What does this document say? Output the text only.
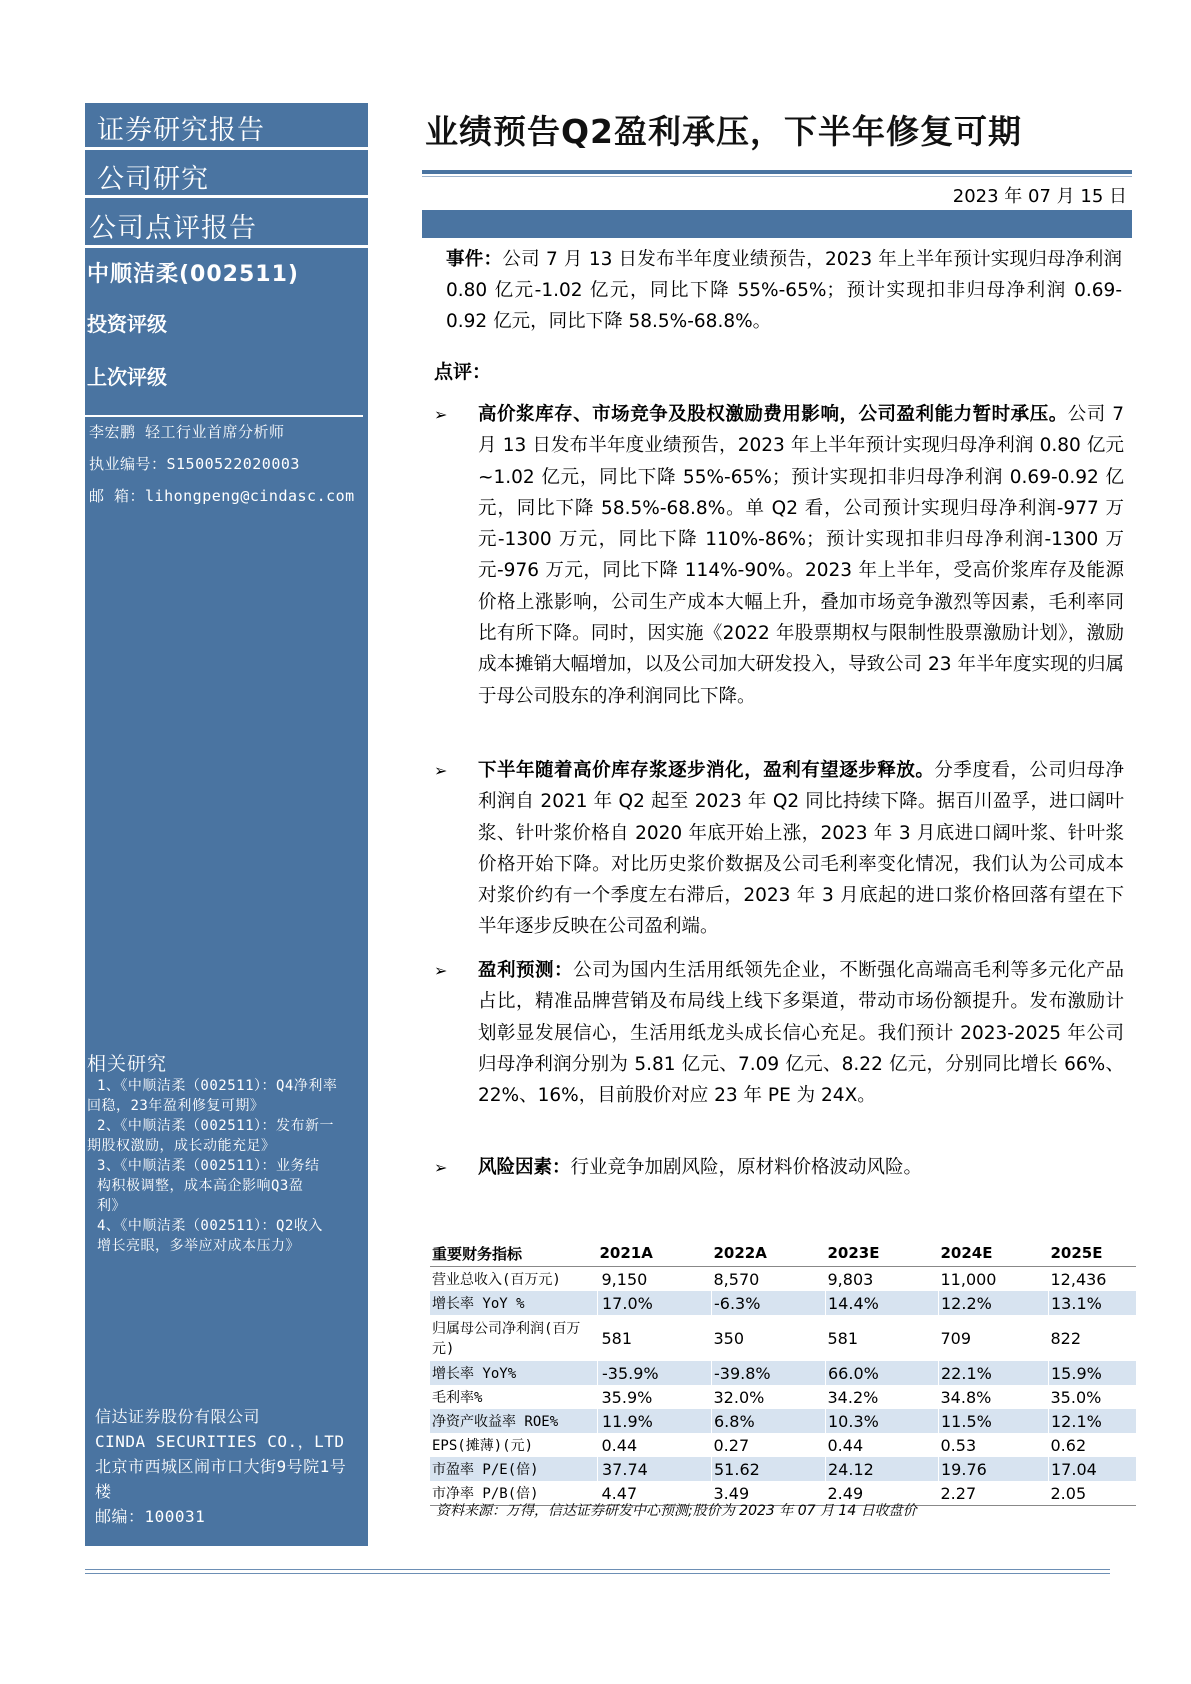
证券研究报告
公司研究
公司点评报告
中顺洁柔(002511)
投资评级
上次评级
李宏鹏 轻工行业首席分析师
执业编号：S1500522020003
邮 箱：lihongpeng@cindasc.com
相关研究
1、《中顺洁柔（002511）：Q4净利率
回稳，23年盈利修复可期》
2、《中顺洁柔（002511）：发布新一
期股权激励，成长动能充足》
3、《中顺洁柔（002511）：业务结
构积极调整，成本高企影响Q3盈
利》
4、《中顺洁柔（002511）：Q2收入
增长亮眼，多举应对成本压力》
信达证券股份有限公司
CINDA SECURITIES CO.，LTD
北京市西城区闹市口大街9号院1号
楼
邮编：100031
业绩预告Q2盈利承压，下半年修复可期
2023 年 07 月 15 日
事件：公司 7 月 13 日发布半年度业绩预告，2023 年上半年预计实现归母净利润 0.80 亿元-1.02 亿元，同比下降 55%-65%；预计实现扣非归母净利润 0.69-0.92 亿元，同比下降 58.5%-68.8%。
点评：
➢ 高价浆库存、市场竞争及股权激励费用影响，公司盈利能力暂时承压。公司 7 月 13 日发布半年度业绩预告，2023 年上半年预计实现归母净利润 0.80 亿元~1.02 亿元，同比下降 55%-65%；预计实现扣非归母净利润 0.69-0.92 亿元，同比下降 58.5%-68.8%。单 Q2 看，公司预计实现归母净利润-977 万元-1300 万元，同比下降 110%-86%；预计实现扣非归母净利润-1300 万元-976 万元，同比下降 114%-90%。2023 年上半年，受高价浆库存及能源价格上涨影响，公司生产成本大幅上升，叠加市场竞争激烈等因素，毛利率同比有所下降。同时，因实施《2022 年股票期权与限制性股票激励计划》，激励成本摊销大幅增加，以及公司加大研发投入，导致公司 23 年半年度实现的归属于母公司股东的净利润同比下降。
➢ 下半年随着高价库存浆逐步消化，盈利有望逐步释放。分季度看，公司归母净利润自 2021 年 Q2 起至 2023 年 Q2 同比持续下降。据百川盈孚，进口阔叶浆、针叶浆价格自 2020 年底开始上涨，2023 年 3 月底进口阔叶浆、针叶浆价格开始下降。对比历史浆价数据及公司毛利率变化情况，我们认为公司成本对浆价约有一个季度左右滞后，2023 年 3 月底起的进口浆价格回落有望在下半年逐步反映在公司盈利端。
➢ 盈利预测：公司为国内生活用纸领先企业，不断强化高端高毛利等多元化产品占比，精准品牌营销及布局线上线下多渠道，带动市场份额提升。发布激励计划彰显发展信心，生活用纸龙头成长信心充足。我们预计 2023-2025 年公司归母净利润分别为 5.81 亿元、7.09 亿元、8.22 亿元，分别同比增长 66%、22%、16%，目前股价对应 23 年 PE 为 24X。
➢ 风险因素：行业竞争加剧风险，原材料价格波动风险。
重要财务指标	2021A	2022A	2023E	2024E	2025E
营业总收入(百万元)	9,150	8,570	9,803	11,000	12,436
增长率 YoY %	17.0%	-6.3%	14.4%	12.2%	13.1%
归属母公司净利润(百万元)	581	350	581	709	822
增长率 YoY%	-35.9%	-39.8%	66.0%	22.1%	15.9%
毛利率%	35.9%	32.0%	34.2%	34.8%	35.0%
净资产收益率 ROE%	11.9%	6.8%	10.3%	11.5%	12.1%
EPS(摊薄)(元)	0.44	0.27	0.44	0.53	0.62
市盈率 P/E(倍)	37.74	51.62	24.12	19.76	17.04
市净率 P/B(倍)	4.47	3.49	2.49	2.27	2.05
资料来源：万得，信达证券研发中心预测;股价为 2023 年 07 月 14 日收盘价
